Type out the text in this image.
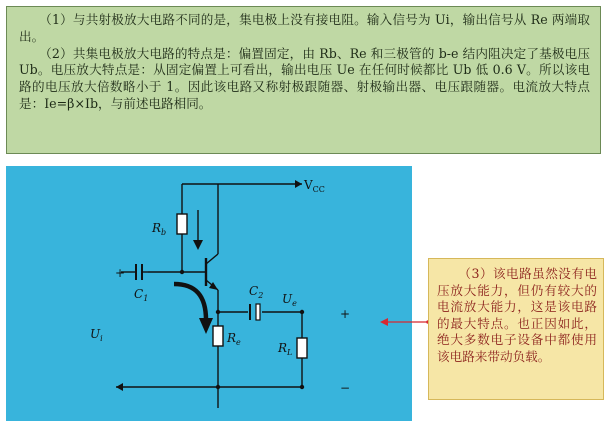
（1）与共射极放大电路不同的是，集电极上没有接电阻。输入信号为 Ui，输出信号从 Re 两端取出。

（2）共集电极放大电路的特点是：偏置固定，由 Rb、Re 和三极管的 b-e 结内阻决定了基极电压 Ub。电压放大特点是：从固定偏置上可看出，输出电压 Ue 在任何时候都比 Ub 低 0.6 V。所以该电路的电压放大倍数略小于 1。因此该电路又称射极跟随器、射极输出器、电压跟随器。电流放大特点是：Ie=β×Ib，与前述电路相同。

$V_{CC}$
$R_b$
$R_e$	$R_L$
$C_1$
$C_2$
$U_i$
$U_e$
+
+
−
（3）该电路虽然没有电压放大能力，但仍有较大的电流放大能力，这是该电路的最大特点。也正因如此，绝大多数电子设备中都使用该电路来带动负载。
